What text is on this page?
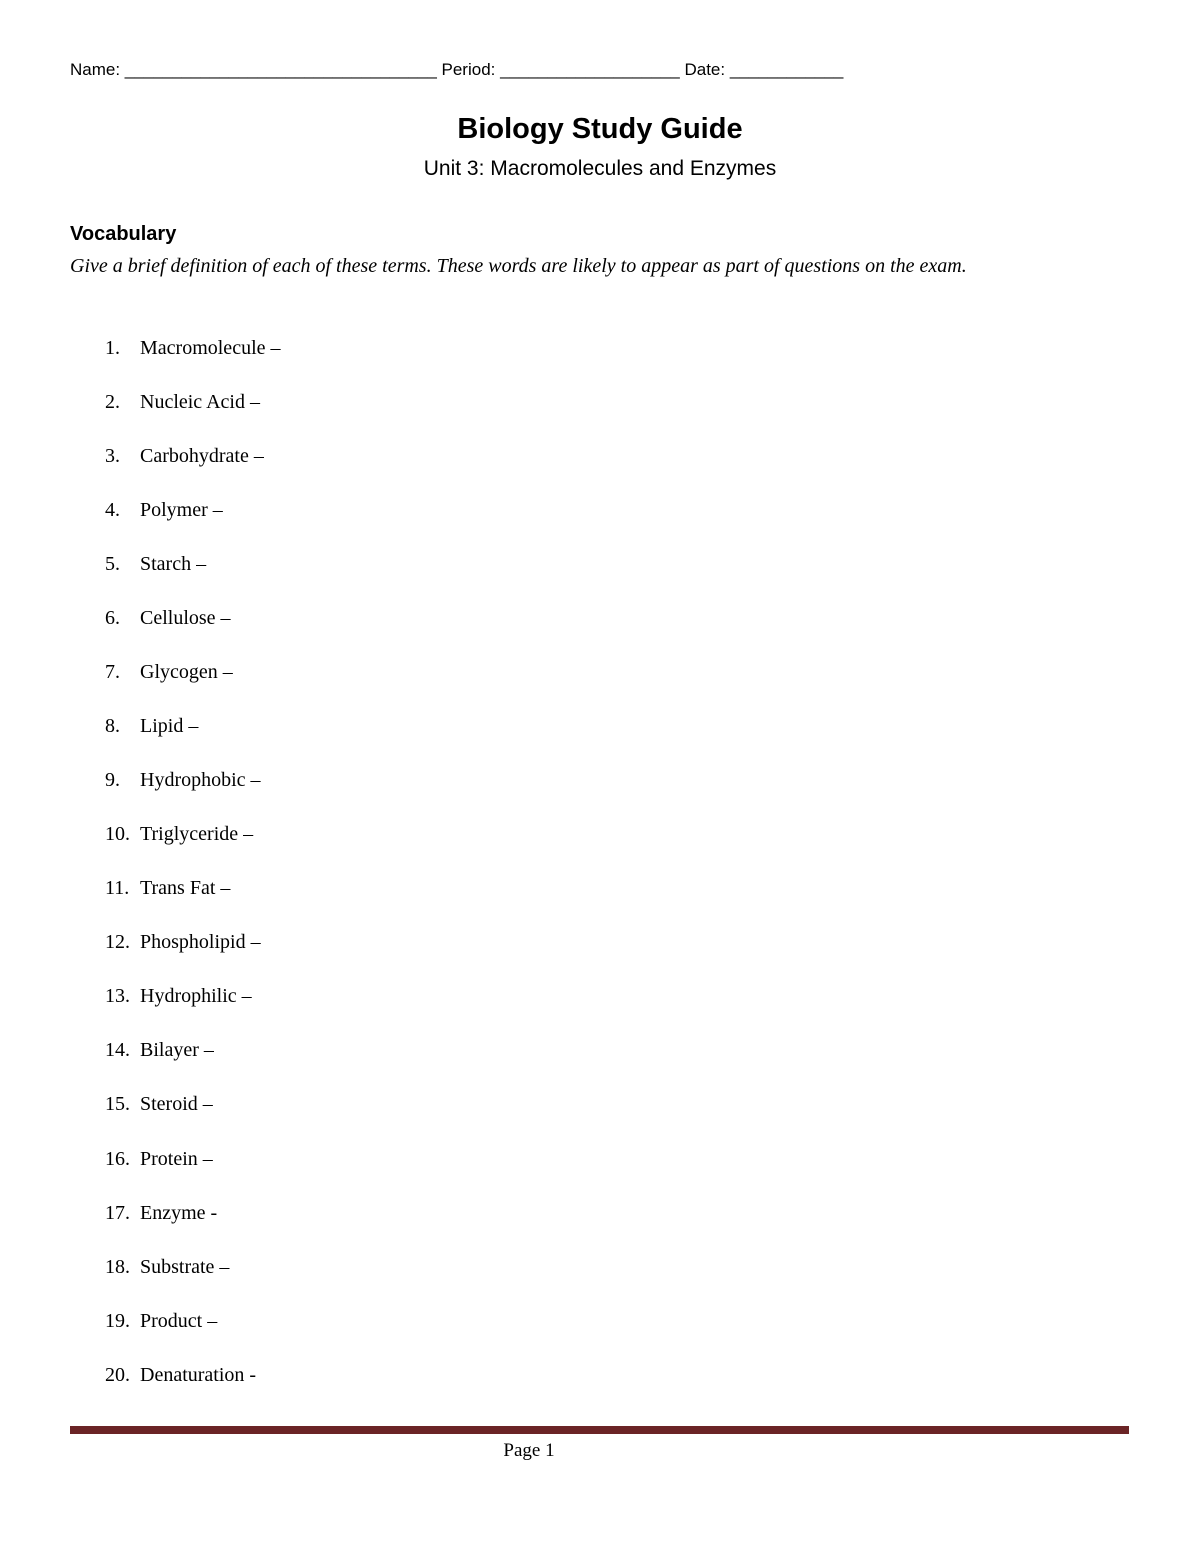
Name: _________________________________ Period: ___________________ Date: ____________
Biology Study Guide
Unit 3: Macromolecules and Enzymes
Vocabulary
Give a brief definition of each of these terms. These words are likely to appear as part of questions on the exam.
1. Macromolecule –
2. Nucleic Acid –
3. Carbohydrate –
4. Polymer –
5. Starch –
6. Cellulose –
7. Glycogen –
8. Lipid –
9. Hydrophobic –
10. Triglyceride –
11. Trans Fat –
12. Phospholipid –
13. Hydrophilic –
14. Bilayer –
15. Steroid –
16. Protein –
17. Enzyme -
18. Substrate –
19. Product –
20. Denaturation -
Page 1
